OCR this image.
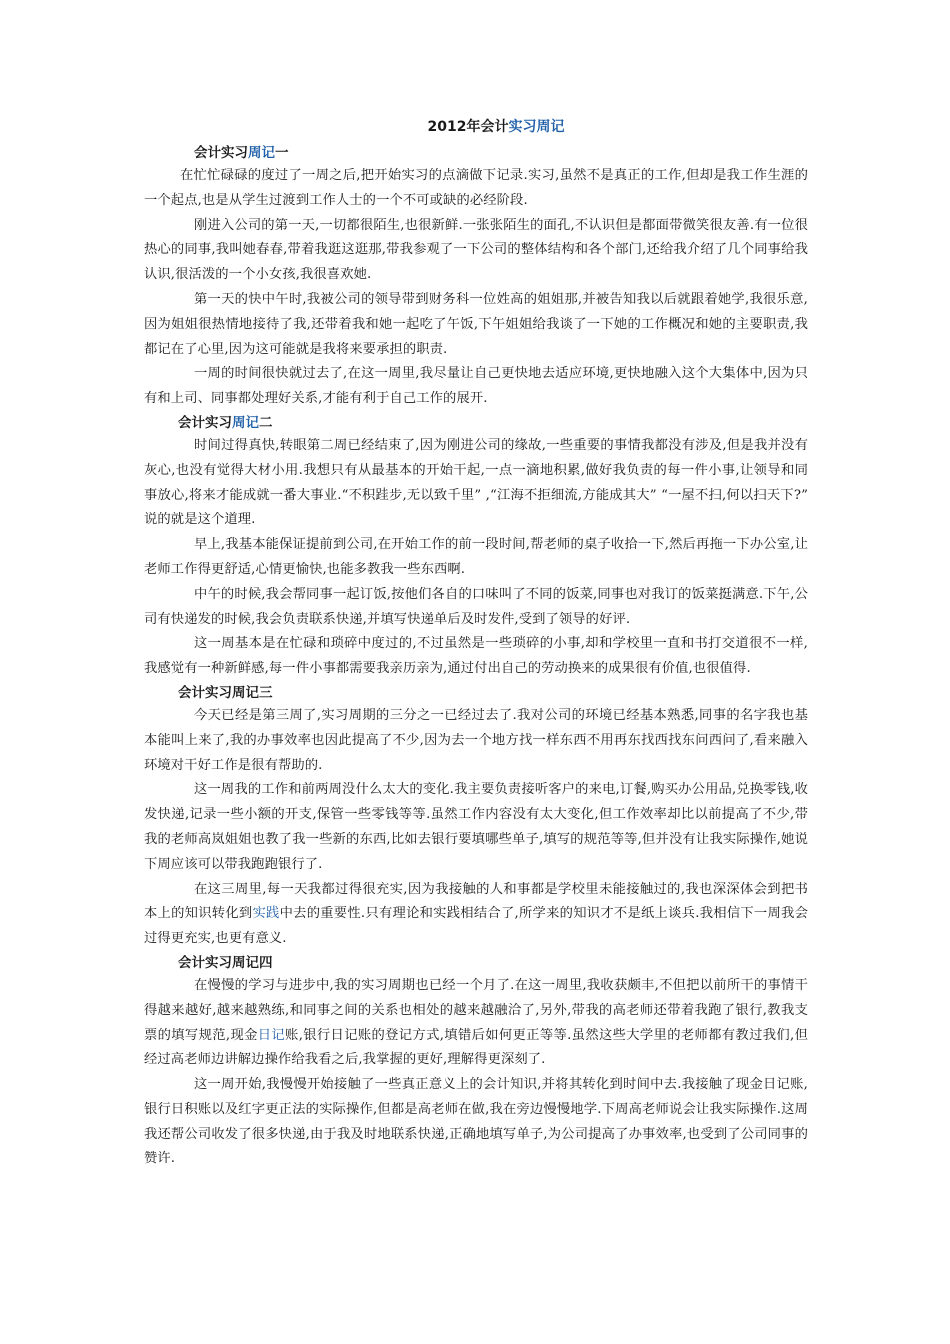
2012年会计实习周记
会计实习周记一

在忙忙碌碌的度过了一周之后,把开始实习的点滴做下记录.实习,虽然不是真正的工作,但却是我工作生涯的一个起点,也是从学生过渡到工作人士的一个不可或缺的必经阶段.

刚进入公司的第一天,一切都很陌生,也很新鲜.一张张陌生的面孔,不认识但是都面带微笑很友善.有一位很热心的同事,我叫她春春,带着我逛这逛那,带我参观了一下公司的整体结构和各个部门,还给我介绍了几个同事给我认识,很活泼的一个小女孩,我很喜欢她.

第一天的快中午时,我被公司的领导带到财务科一位姓高的姐姐那,并被告知我以后就跟着她学,我很乐意,因为姐姐很热情地接待了我,还带着我和她一起吃了午饭,下午姐姐给我谈了一下她的工作概况和她的主要职责,我都记在了心里,因为这可能就是我将来要承担的职责.

一周的时间很快就过去了,在这一周里,我尽量让自己更快地去适应环境,更快地融入这个大集体中,因为只有和上司、同事都处理好关系,才能有利于自己工作的展开.

会计实习周记二

时间过得真快,转眼第二周已经结束了,因为刚进公司的缘故,一些重要的事情我都没有涉及,但是我并没有灰心,也没有觉得大材小用.我想只有从最基本的开始干起,一点一滴地积累,做好我负责的每一件小事,让领导和同事放心,将来才能成就一番大事业.“不积跬步,无以致千里” ,“江海不拒细流,方能成其大” “一屋不扫,何以扫天下?” 说的就是这个道理.

早上,我基本能保证提前到公司,在开始工作的前一段时间,帮老师的桌子收拾一下,然后再拖一下办公室,让老师工作得更舒适,心情更愉快,也能多教我一些东西啊.

中午的时候,我会帮同事一起订饭,按他们各自的口味叫了不同的饭菜,同事也对我订的饭菜挺满意.下午,公司有快递发的时候,我会负责联系快递,并填写快递单后及时发件,受到了领导的好评.

这一周基本是在忙碌和琐碎中度过的,不过虽然是一些琐碎的小事,却和学校里一直和书打交道很不一样,我感觉有一种新鲜感,每一件小事都需要我亲历亲为,通过付出自己的劳动换来的成果很有价值,也很值得.

会计实习周记三

今天已经是第三周了,实习周期的三分之一已经过去了.我对公司的环境已经基本熟悉,同事的名字我也基本能叫上来了,我的办事效率也因此提高了不少,因为去一个地方找一样东西不用再东找西找东问西问了,看来融入环境对干好工作是很有帮助的.

这一周我的工作和前两周没什么太大的变化.我主要负责接听客户的来电,订餐,购买办公用品,兑换零钱,收发快递,记录一些小额的开支,保管一些零钱等等.虽然工作内容没有太大变化,但工作效率却比以前提高了不少,带我的老师高岚姐姐也教了我一些新的东西,比如去银行要填哪些单子,填写的规范等等,但并没有让我实际操作,她说下周应该可以带我跑跑银行了.

在这三周里,每一天我都过得很充实,因为我接触的人和事都是学校里未能接触过的,我也深深体会到把书本上的知识转化到实践中去的重要性.只有理论和实践相结合了,所学来的知识才不是纸上谈兵.我相信下一周我会过得更充实,也更有意义.

会计实习周记四

在慢慢的学习与进步中,我的实习周期也已经一个月了.在这一周里,我收获颇丰,不但把以前所干的事情干得越来越好,越来越熟练,和同事之间的关系也相处的越来越融洽了,另外,带我的高老师还带着我跑了银行,教我支票的填写规范,现金日记账,银行日记账的登记方式,填错后如何更正等等.虽然这些大学里的老师都有教过我们,但经过高老师边讲解边操作给我看之后,我掌握的更好,理解得更深刻了.

这一周开始,我慢慢开始接触了一些真正意义上的会计知识,并将其转化到时间中去.我接触了现金日记账,银行日积账以及红字更正法的实际操作,但都是高老师在做,我在旁边慢慢地学.下周高老师说会让我实际操作.这周我还帮公司收发了很多快递,由于我及时地联系快递,正确地填写单子,为公司提高了办事效率,也受到了公司同事的赞许.
